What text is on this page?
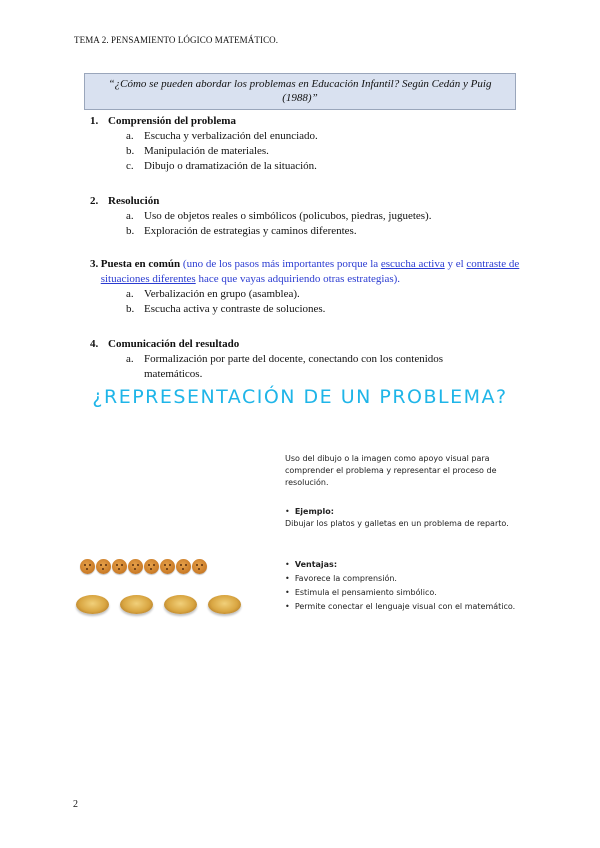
TEMA 2. PENSAMIENTO LÓGICO MATEMÁTICO.
“¿Cómo se pueden abordar los problemas en Educación Infantil? Según Cedán y Puig
(1988)”
1. Comprensión del problema
a. Escucha y verbalización del enunciado.
b. Manipulación de materiales.
c. Dibujo o dramatización de la situación.
2. Resolución
a. Uso de objetos reales o simbólicos (policubos, piedras, juguetes).
b. Exploración de estrategias y caminos diferentes.
3. Puesta en común (uno de los pasos más importantes porque la escucha activa y el contraste de situaciones diferentes hace que vayas adquiriendo otras estrategias).
a. Verbalización en grupo (asamblea).
b. Escucha activa y contraste de soluciones.
4. Comunicación del resultado
a. Formalización por parte del docente, conectando con los contenidos matemáticos.
¿REPRESENTACIÓN DE UN PROBLEMA?
Uso del dibujo o la imagen como apoyo visual para comprender el problema y representar el proceso de resolución.
•  Ejemplo:
Dibujar los platos y galletas en un problema de reparto.
•  Ventajas:
•  Favorece la comprensión.
•  Estimula el pensamiento simbólico.
•  Permite conectar el lenguaje visual con el matemático.
2
